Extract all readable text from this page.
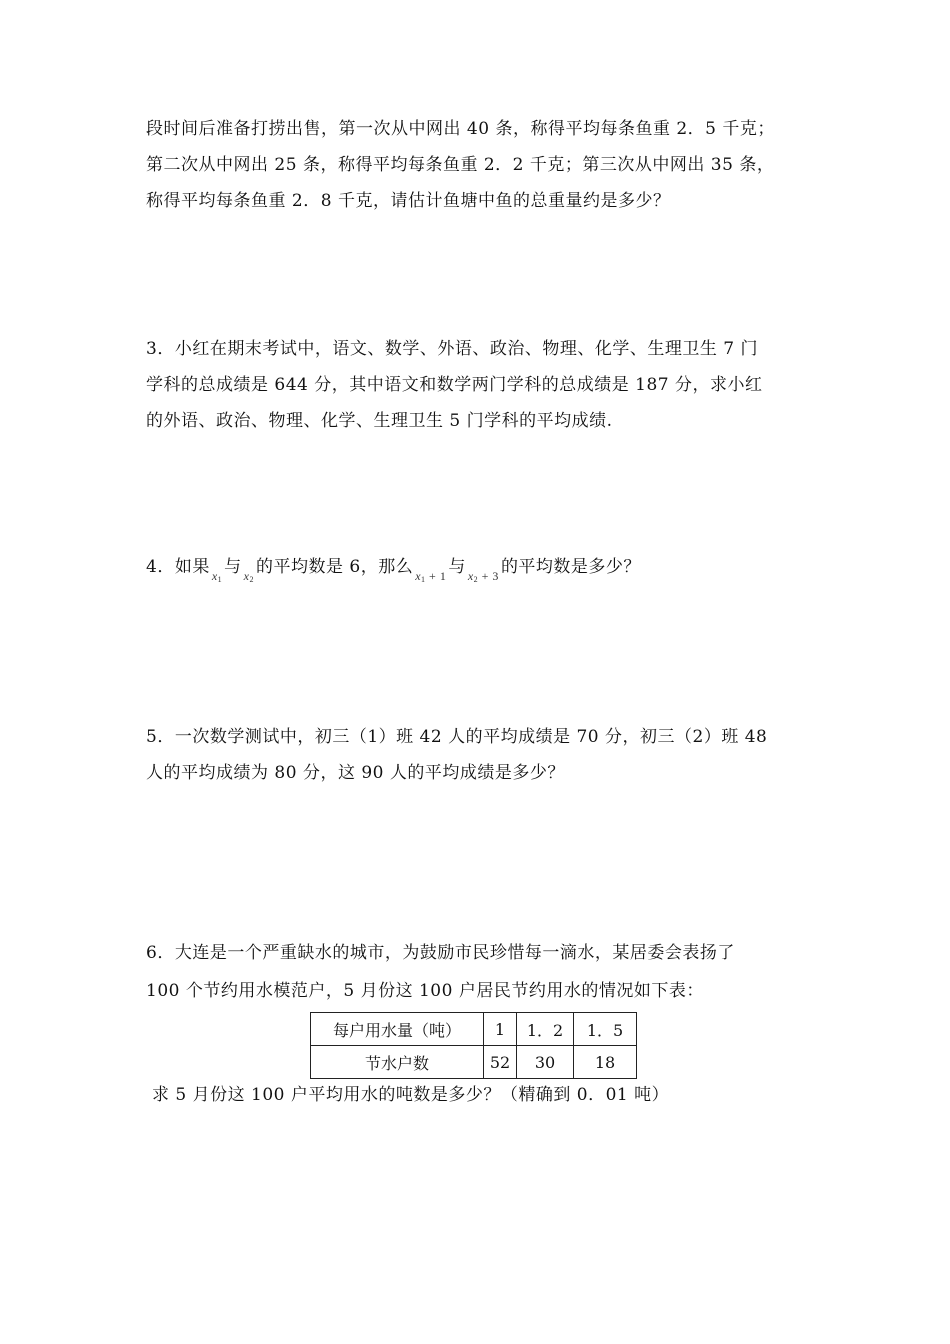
段时间后准备打捞出售，第一次从中网出 40 条，称得平均每条鱼重 2．5 千克；
第二次从中网出 25 条，称得平均每条鱼重 2．2 千克；第三次从中网出 35 条，
称得平均每条鱼重 2．8 千克，请估计鱼塘中鱼的总重量约是多少？
3．小红在期末考试中，语文、数学、外语、政治、物理、化学、生理卫生 7 门
学科的总成绩是 644 分，其中语文和数学两门学科的总成绩是 187 分，求小红
的外语、政治、物理、化学、生理卫生 5 门学科的平均成绩.
4．如果 $_{x_1}$与 $_{x_2}$的平均数是 6，那么 $_{x_1 + 1}$ 与 $_{x_2 + 3}$ 的平均数是多少？
5．一次数学测试中，初三（1）班 42 人的平均成绩是 70 分，初三（2）班 48
人的平均成绩为 80 分，这 90 人的平均成绩是多少？
6．大连是一个严重缺水的城市，为鼓励市民珍惜每一滴水，某居委会表扬了
100 个节约用水模范户，5 月份这 100 户居民节约用水的情况如下表：
每户用水量（吨）	1	1．2	1．5
节水户数	52	30	18
求 5 月份这 100 户平均用水的吨数是多少？（精确到 0．01 吨）
